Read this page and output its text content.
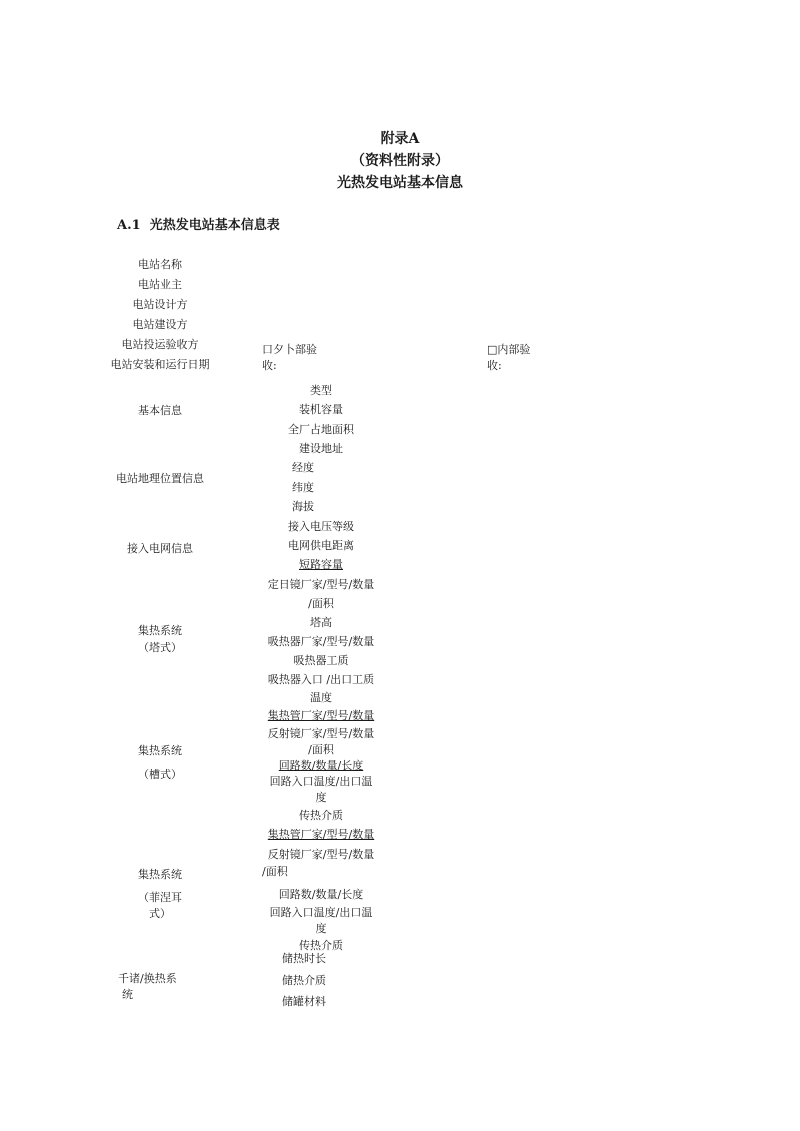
附录A
（资料性附录）
光热发电站基本信息
A.1 光热发电站基本信息表
电站名称
电站业主
电站设计方
电站建设方
电站投运验收方
电站安装和运行日期
基本信息
电站地理位置信息
接入电网信息
集热系统
（塔式）
集热系统
（槽式）
集热系统
（菲涅耳
式）
千诸/换热系
统
口夕卜部验
收:
□内部验
收:
类型
装机容量
全厂占地面积
建设地址
经度
纬度
海拔
接入电压等级
电网供电距离
短路容量
定日镜厂家/型号/数量
/面积
塔高
吸热器厂家/型号/数量
吸热器工质
吸热器入口 /出口工质
温度
集热管厂家/型号/数量
反射镜厂家/型号/数量
/面积
回路数/数量/长度
回路入口温度/出口温
度
传热介质
集热管厂家/型号/数量
反射镜厂家/型号/数量
/面积
回路数/数量/长度
回路入口温度/出口温
度
传热介质
储热时长
储热介质
储罐材料
